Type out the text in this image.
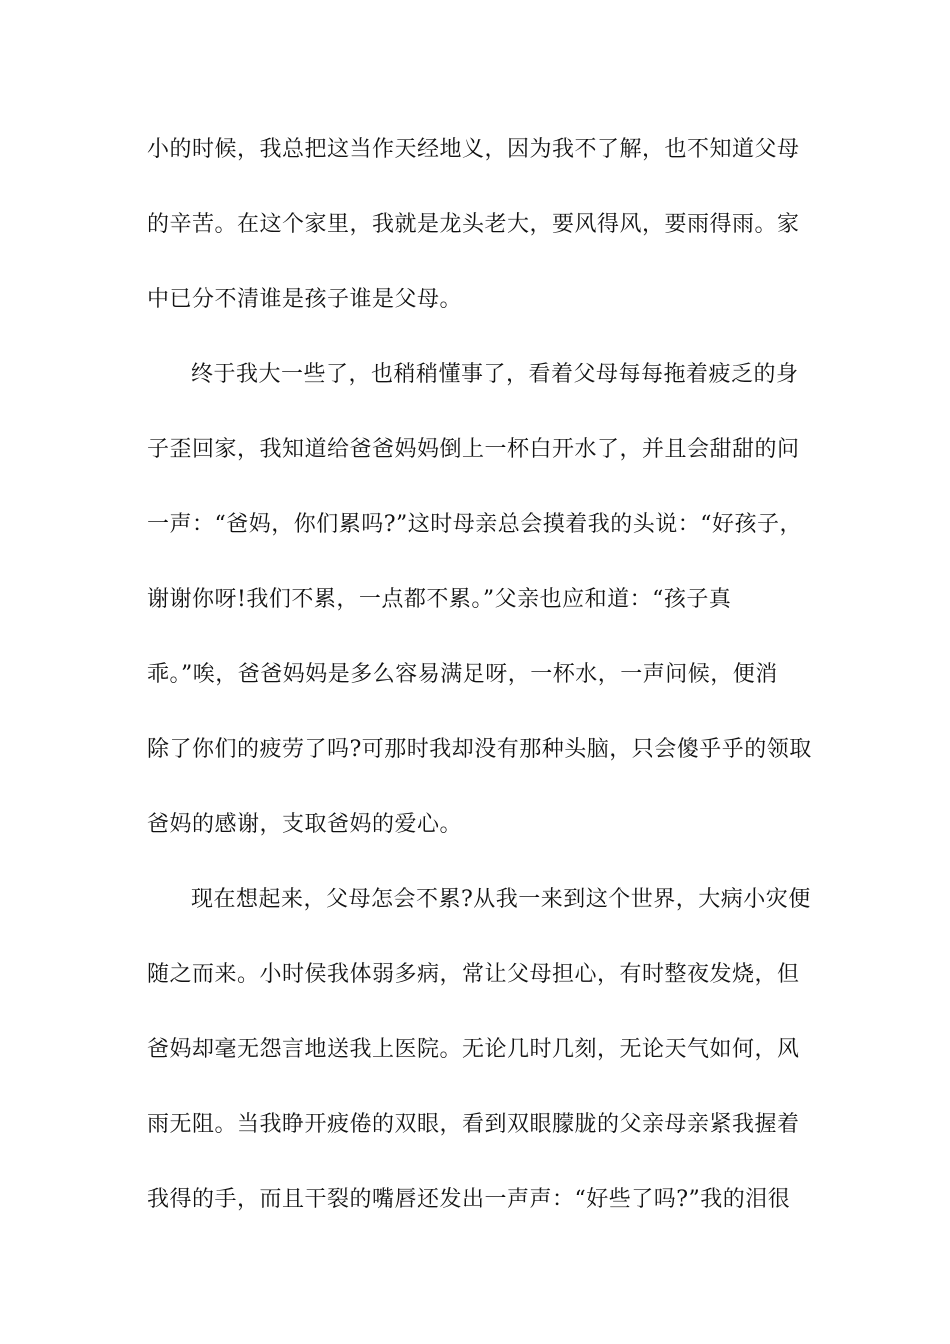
小的时候，我总把这当作天经地义，因为我不了解，也不知道父母
的辛苦。在这个家里，我就是龙头老大，要风得风，要雨得雨。家
中已分不清谁是孩子谁是父母。
终于我大一些了，也稍稍懂事了，看着父母每每拖着疲乏的身
子歪回家，我知道给爸爸妈妈倒上一杯白开水了，并且会甜甜的问
一声：“爸妈，你们累吗?”这时母亲总会摸着我的头说：“好孩子，
谢谢你呀!我们不累，一点都不累。”父亲也应和道：“孩子真
乖。”唉，爸爸妈妈是多么容易满足呀，一杯水，一声问候，便消
除了你们的疲劳了吗?可那时我却没有那种头脑，只会傻乎乎的领取
爸妈的感谢，支取爸妈的爱心。
现在想起来，父母怎会不累?从我一来到这个世界，大病小灾便
随之而来。小时侯我体弱多病，常让父母担心，有时整夜发烧，但
爸妈却毫无怨言地送我上医院。无论几时几刻，无论天气如何，风
雨无阻。当我睁开疲倦的双眼，看到双眼朦胧的父亲母亲紧我握着
我得的手，而且干裂的嘴唇还发出一声声：“好些了吗?”我的泪很
